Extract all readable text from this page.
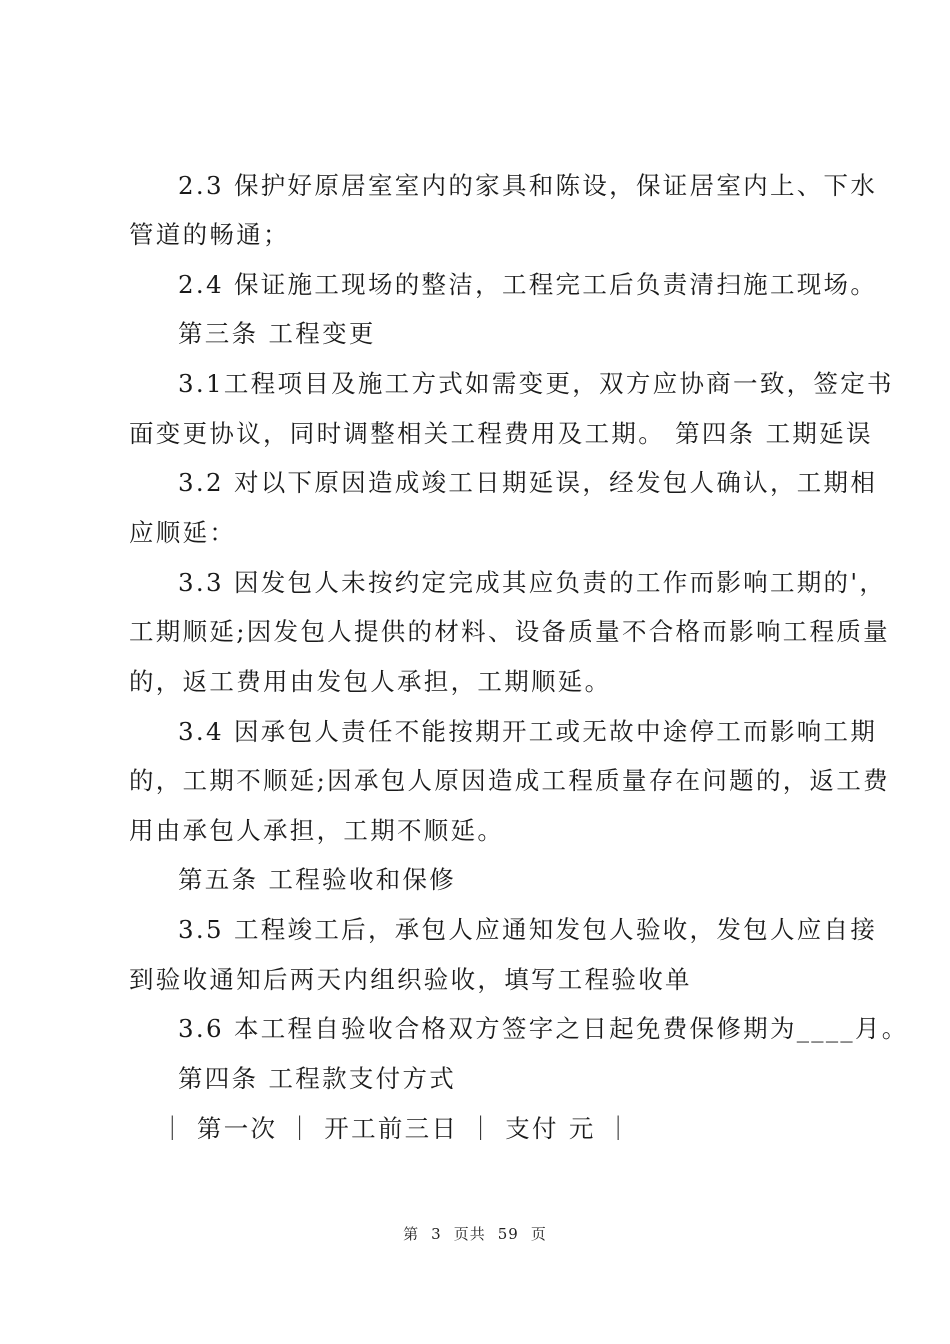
2.3 保护好原居室室内的家具和陈设，保证居室内上、下水
管道的畅通；
2.4 保证施工现场的整洁，工程完工后负责清扫施工现场。
第三条 工程变更
3.1工程项目及施工方式如需变更，双方应协商一致，签定书
面变更协议，同时调整相关工程费用及工期。 第四条 工期延误
3.2 对以下原因造成竣工日期延误，经发包人确认，工期相
应顺延：
3.3 因发包人未按约定完成其应负责的工作而影响工期的'，
工期顺延;因发包人提供的材料、设备质量不合格而影响工程质量
的，返工费用由发包人承担，工期顺延。
3.4 因承包人责任不能按期开工或无故中途停工而影响工期
的，工期不顺延;因承包人原因造成工程质量存在问题的，返工费
用由承包人承担，工期不顺延。
第五条 工程验收和保修
3.5 工程竣工后，承包人应通知发包人验收，发包人应自接
到验收通知后两天内组织验收，填写工程验收单
3.6 本工程自验收合格双方签字之日起免费保修期为____月。
第四条 工程款支付方式
｜ 第一次 ｜ 开工前三日 ｜ 支付 元 ｜
第 3 页共 59 页
